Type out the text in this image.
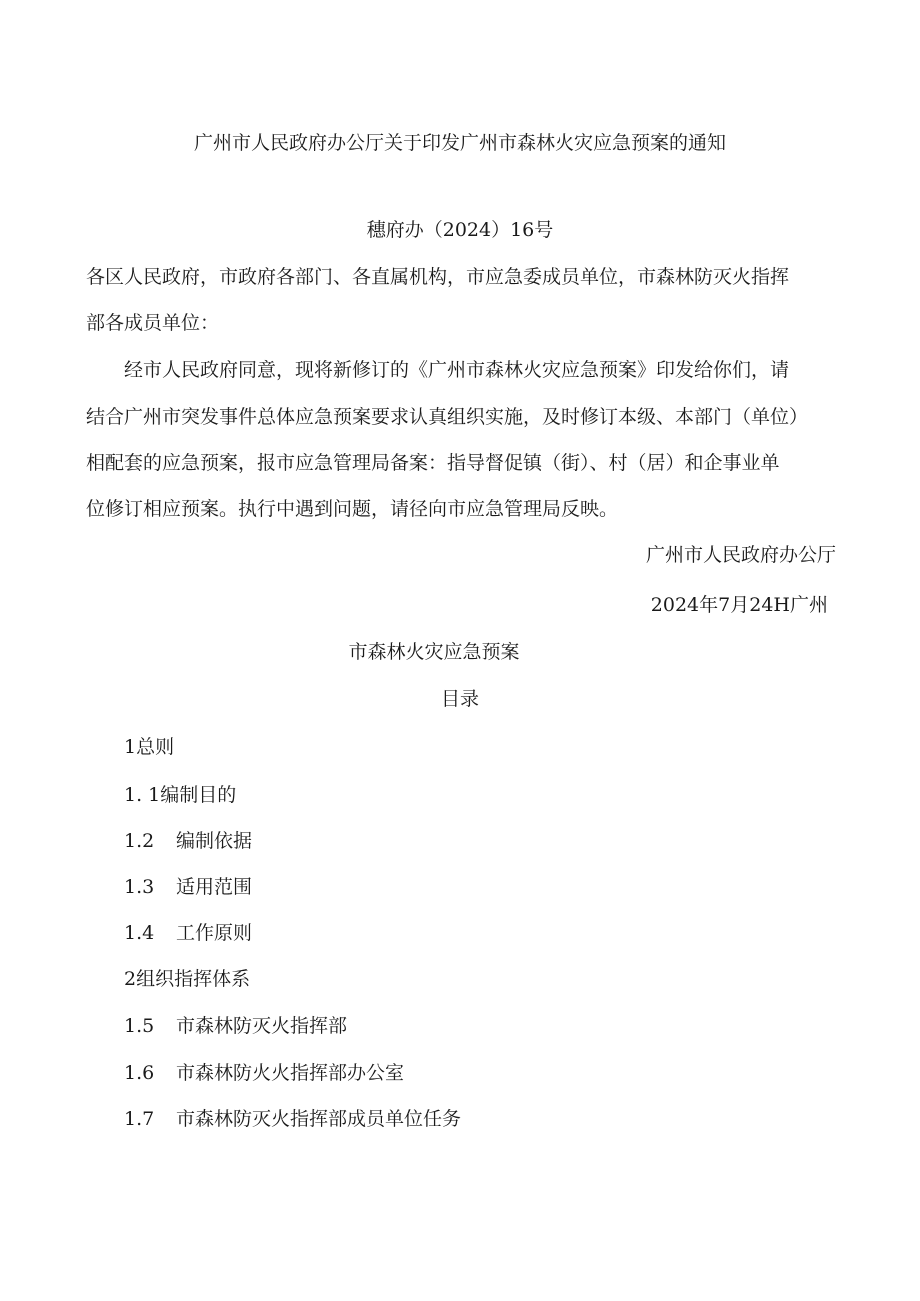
广州市人民政府办公厅关于印发广州市森林火灾应急预案的通知

穗府办（2024）16号

各区人民政府，市政府各部门、各直属机构，市应急委成员单位，市森林防灭火指挥

部各成员单位：

经市人民政府同意，现将新修订的《广州市森林火灾应急预案》印发给你们，请

结合广州市突发事件总体应急预案要求认真组织实施，及时修订本级、本部门（单位）

相配套的应急预案，报市应急管理局备案：指导督促镇（街）、村（居）和企事业单

位修订相应预案。执行中遇到问题，请径向市应急管理局反映。

广州市人民政府办公厅

2024年7月24H广州

市森林火灾应急预案

目录

1总则

1. 1编制目的

1.2 编制依据

1.3 适用范围

1.4 工作原则

2组织指挥体系

1.5 市森林防灭火指挥部

1.6 市森林防火火指挥部办公室

1.7 市森林防灭火指挥部成员单位任务
